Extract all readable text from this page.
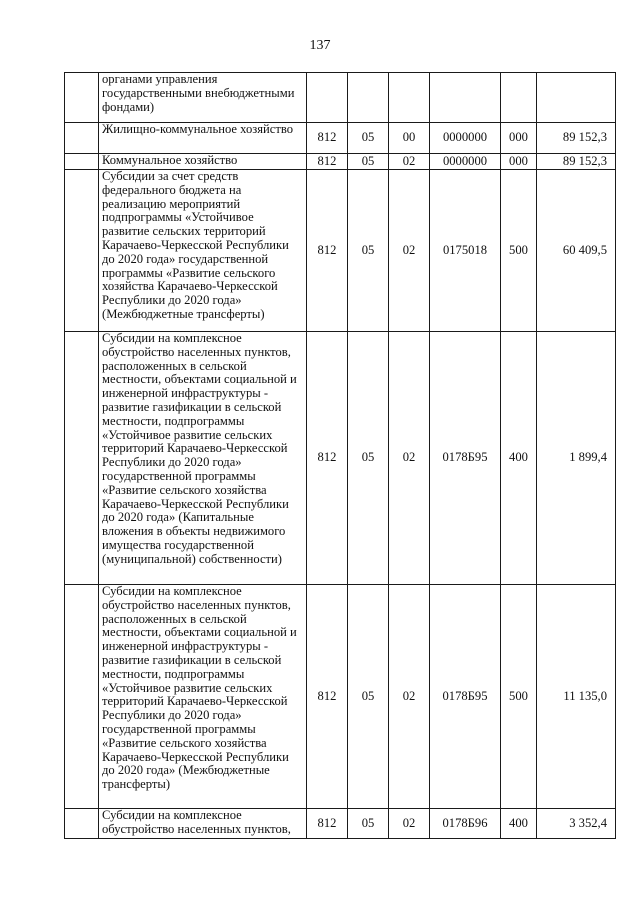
137
	органами управления государственными внебюджетными фондами)						
	Жилищно-коммунальное хозяйство	812	05	00	0000000	000	89 152,3
	Коммунальное хозяйство	812	05	02	0000000	000	89 152,3
	Субсидии за счет средств федерального бюджета на реализацию мероприятий подпрограммы «Устойчивое развитие сельских территорий Карачаево-Черкесской Республики до 2020 года» государственной программы «Развитие сельского хозяйства Карачаево-Черкесской Республики до 2020 года» (Межбюджетные трансферты)	812	05	02	0175018	500	60 409,5
	Субсидии на комплексное обустройство населенных пунктов, расположенных в сельской местности, объектами социальной и инженерной инфраструктуры - развитие газификации в сельской местности, подпрограммы «Устойчивое развитие сельских территорий Карачаево-Черкесской Республики до 2020 года» государственной программы «Развитие сельского хозяйства Карачаево-Черкесской Республики до 2020 года» (Капитальные вложения в объекты недвижимого имущества государственной (муниципальной) собственности)	812	05	02	0178Б95	400	1 899,4
	Субсидии на комплексное обустройство населенных пунктов, расположенных в сельской местности, объектами социальной и инженерной инфраструктуры - развитие газификации в сельской местности, подпрограммы «Устойчивое развитие сельских территорий Карачаево-Черкесской Республики до 2020 года» государственной программы «Развитие сельского хозяйства Карачаево-Черкесской Республики до 2020 года» (Межбюджетные трансферты)	812	05	02	0178Б95	500	11 135,0
	Субсидии на комплексное обустройство населенных пунктов,	812	05	02	0178Б96	400	3 352,4
